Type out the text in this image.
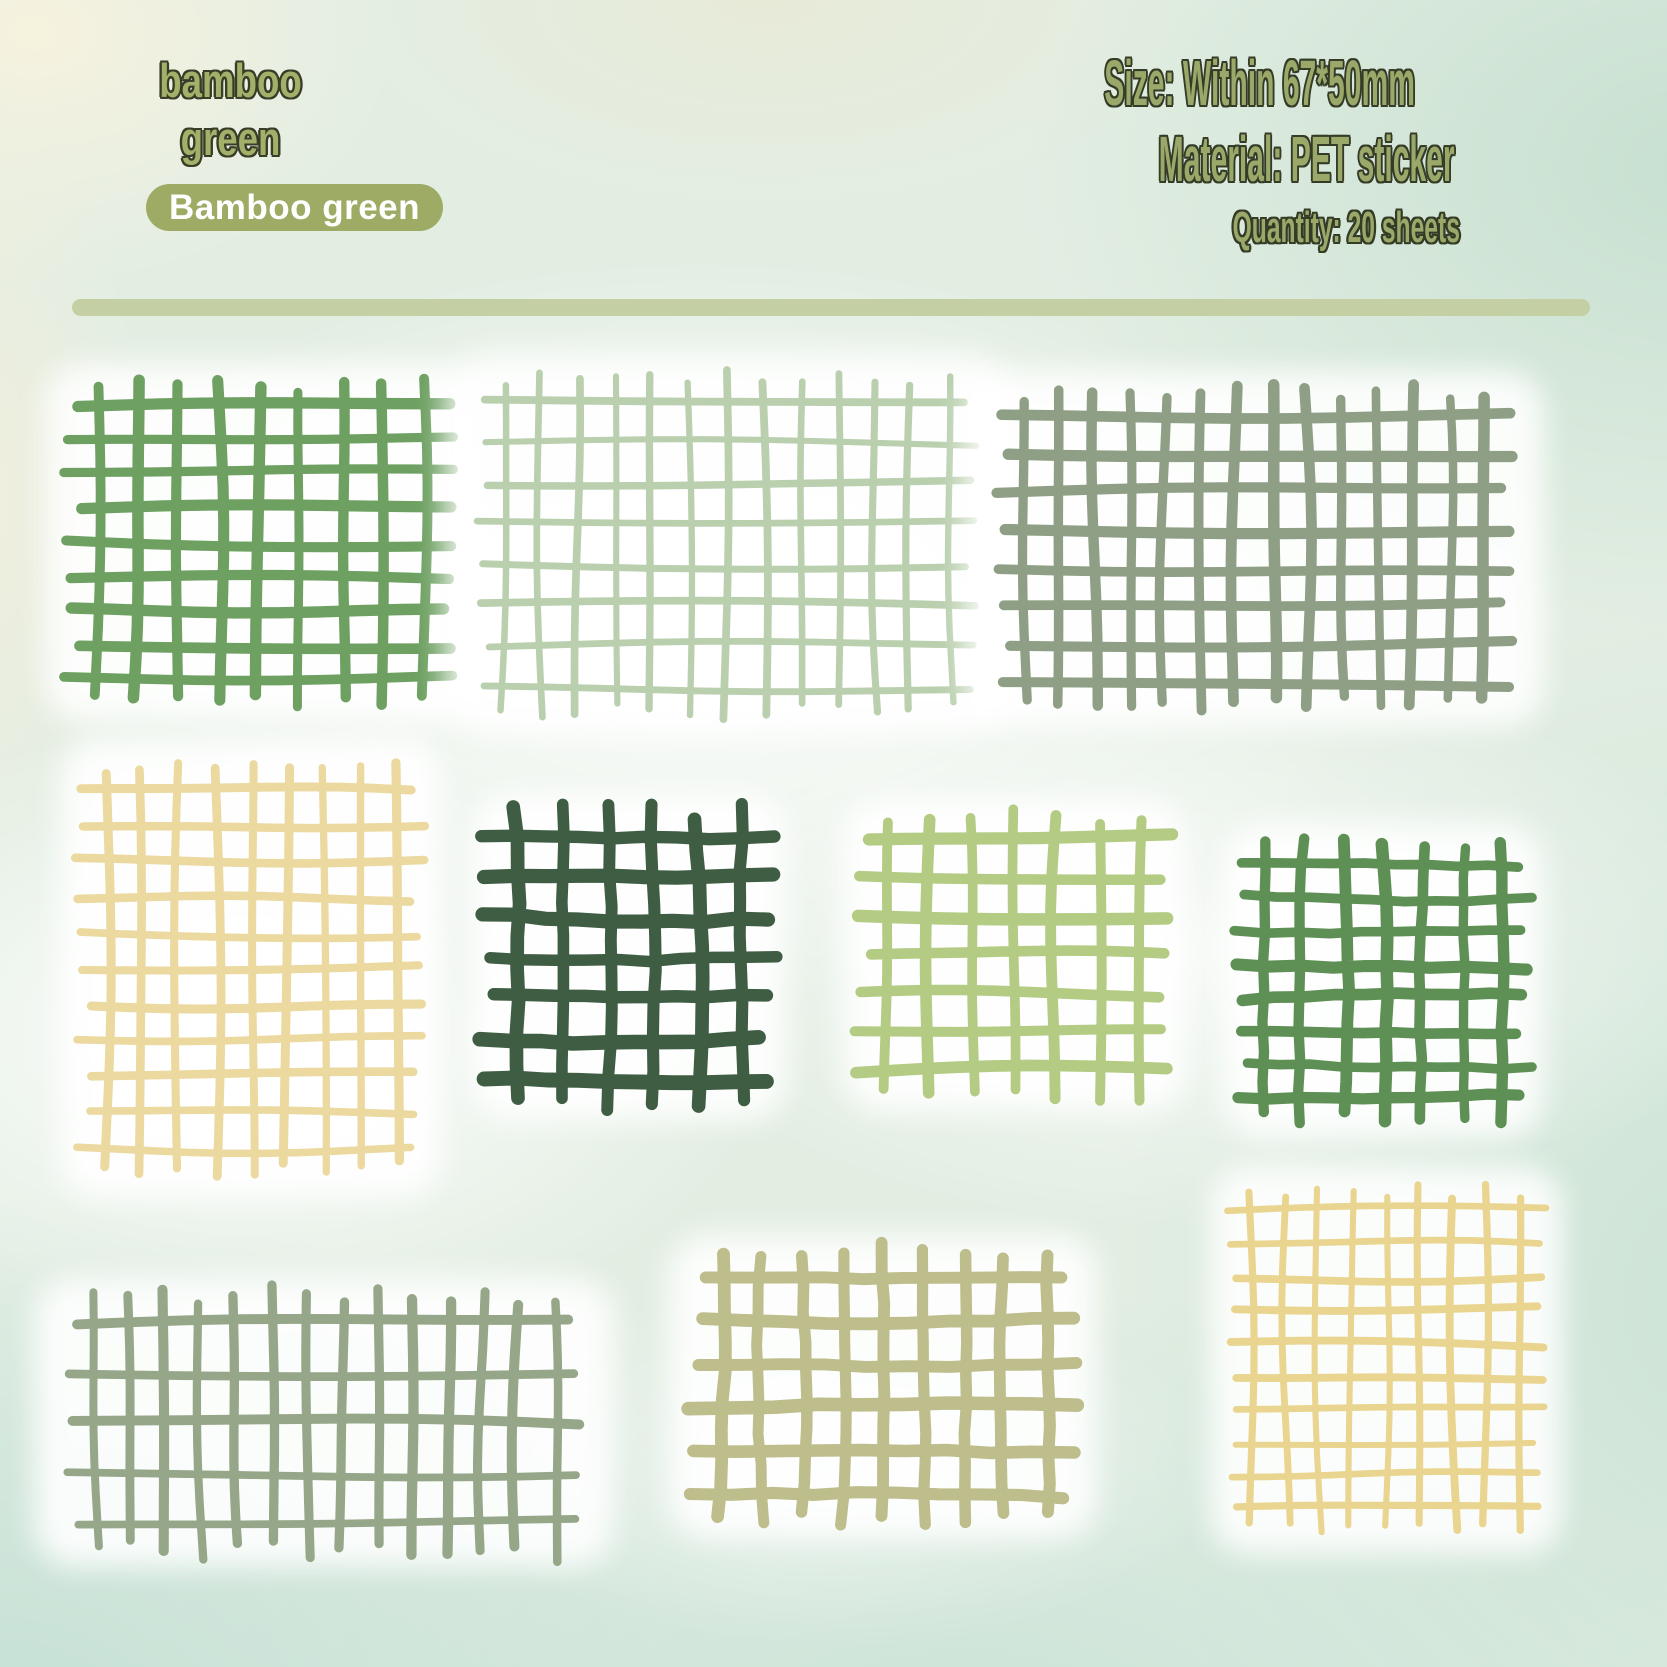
bamboo
green
Bamboo green
Size: Within 67*50mm
Material: PET sticker
Quantity: 20 sheets
